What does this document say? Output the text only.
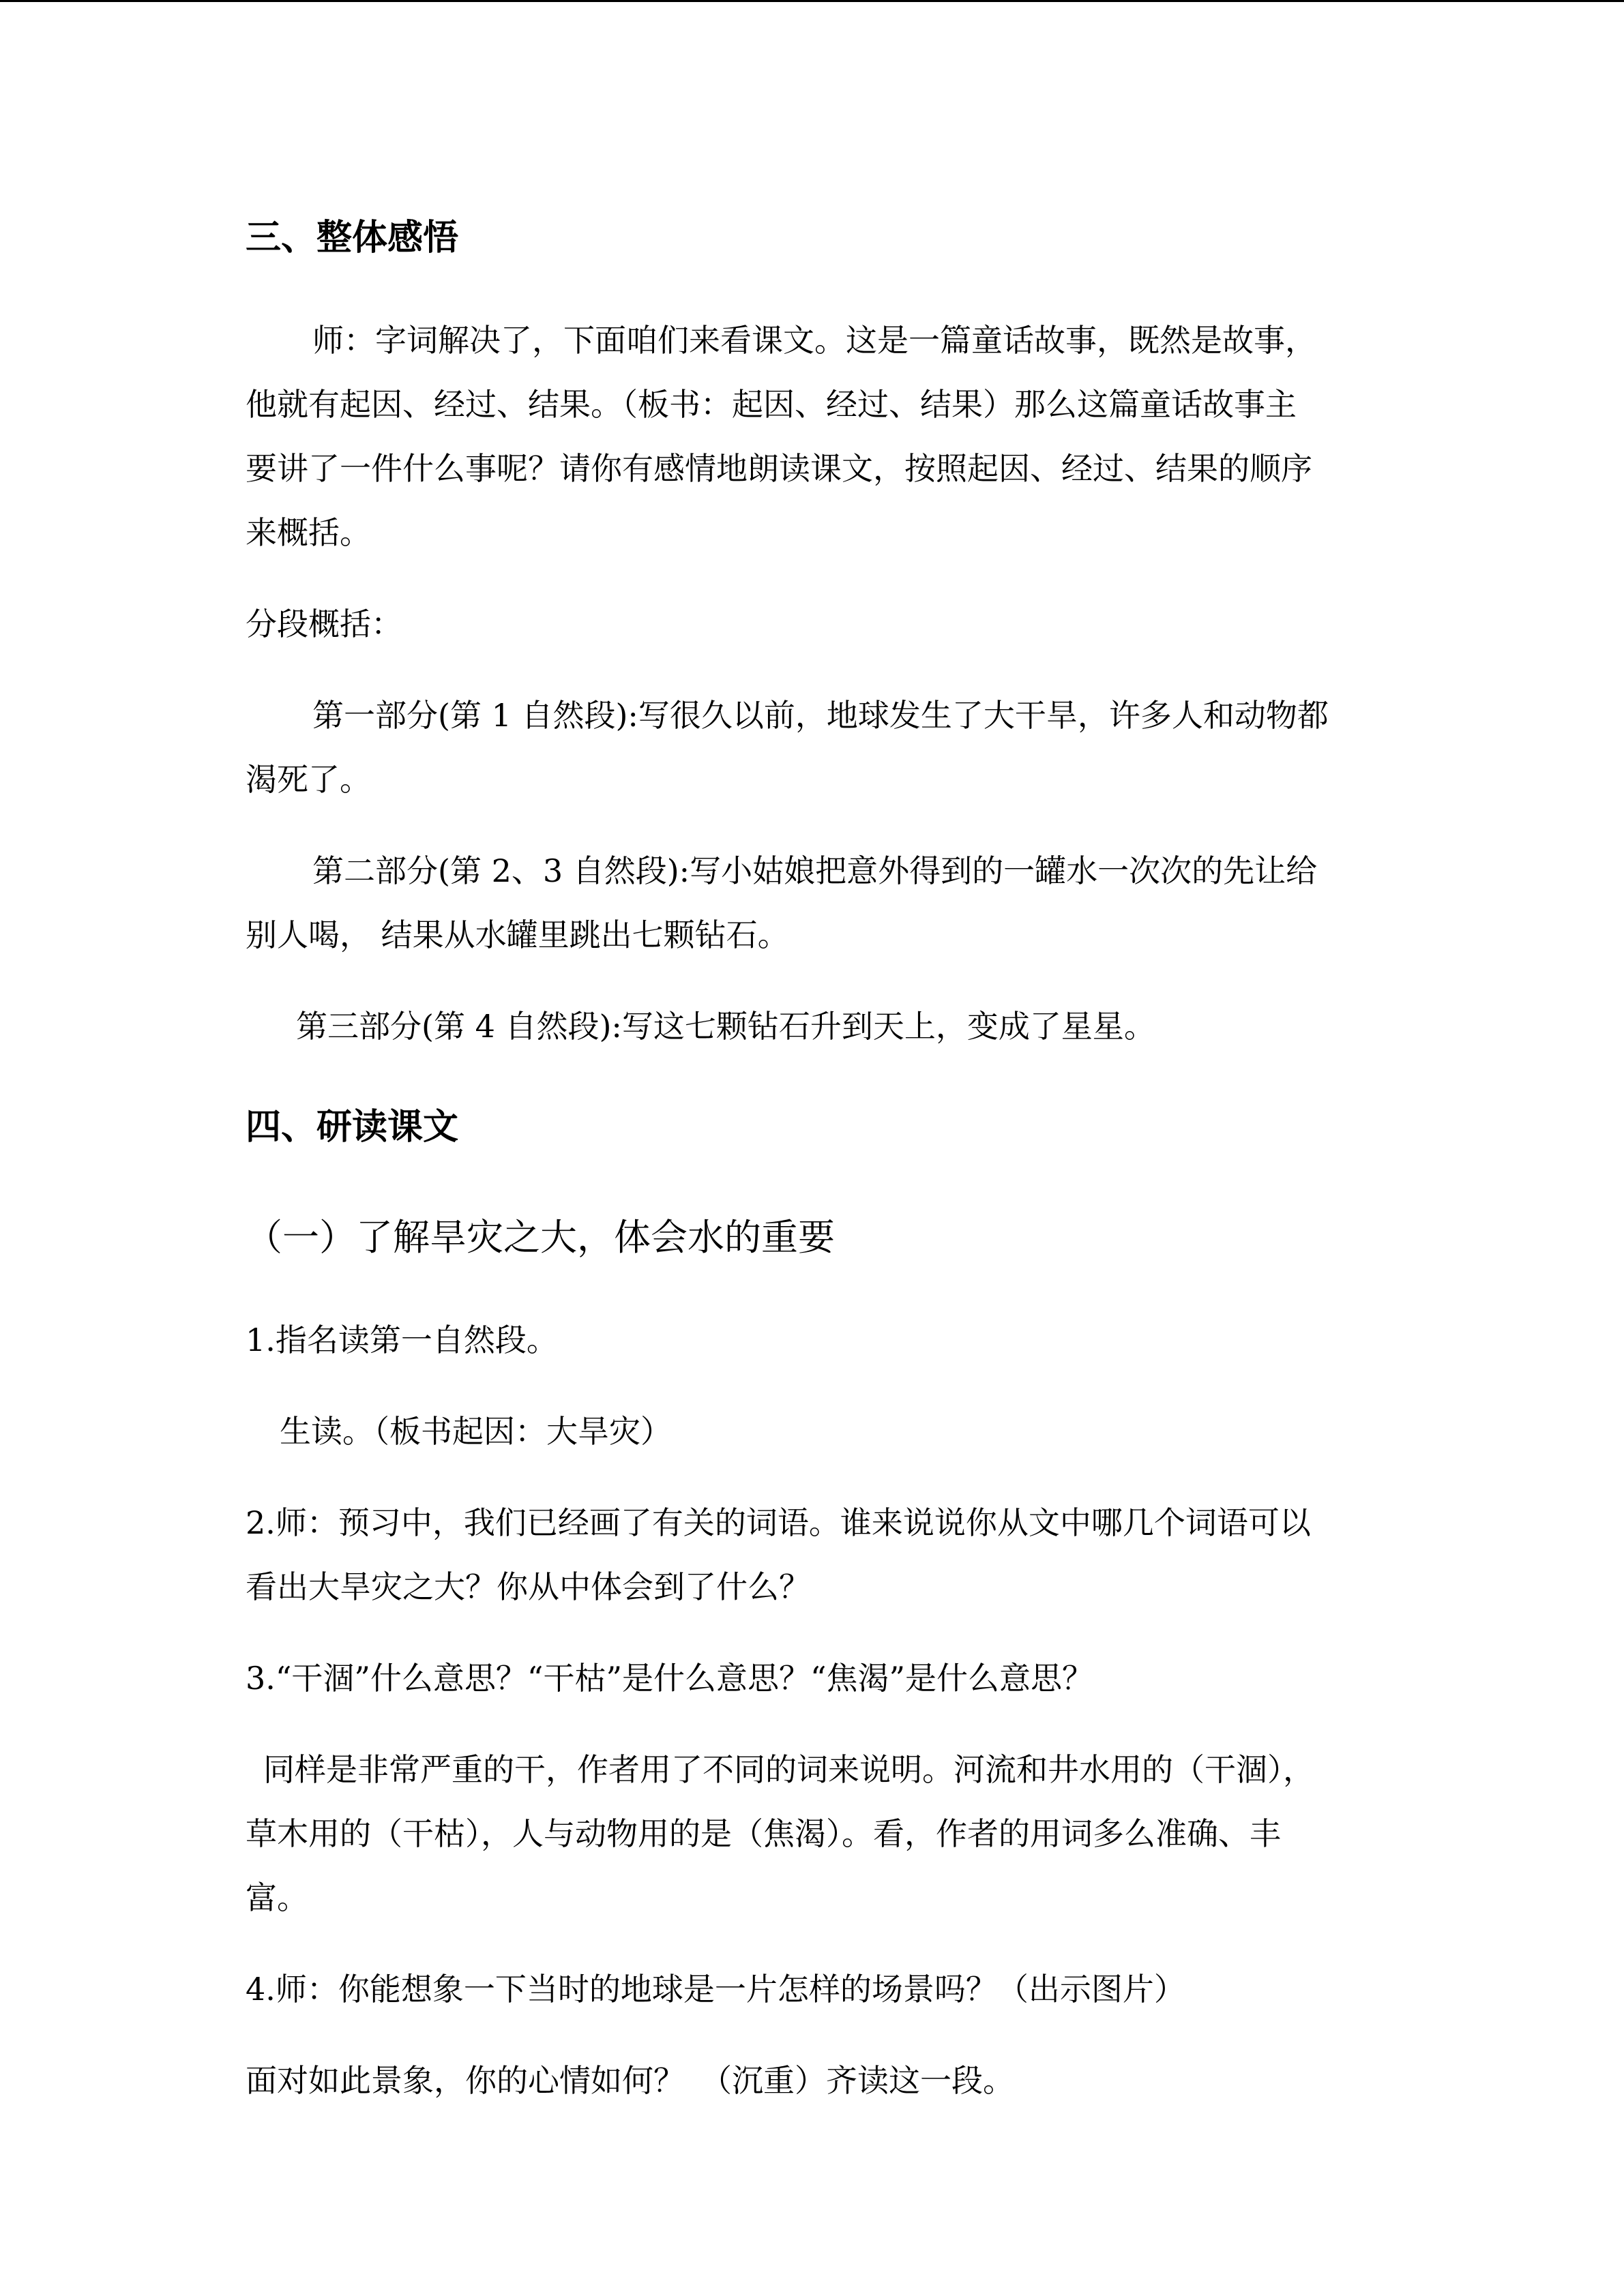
三、整体感悟
师：字词解决了，下面咱们来看课文。这是一篇童话故事，既然是故事，
他就有起因、经过、结果。（板书：起因、经过、结果）那么这篇童话故事主
要讲了一件什么事呢？请你有感情地朗读课文，按照起因、经过、结果的顺序
来概括。
分段概括：
第一部分(第 1 自然段):写很久以前，地球发生了大干旱，许多人和动物都
渴死了。
第二部分(第 2、3 自然段):写小姑娘把意外得到的一罐水一次次的先让给
别人喝， 结果从水罐里跳出七颗钻石。
第三部分(第 4 自然段):写这七颗钻石升到天上，变成了星星。
四、研读课文
（一）了解旱灾之大，体会水的重要
1.指名读第一自然段。
生读。（板书起因：大旱灾）
2.师：预习中，我们已经画了有关的词语。谁来说说你从文中哪几个词语可以
看出大旱灾之大？你从中体会到了什么？
3.“干涸”什么意思？“干枯”是什么意思？“焦渴”是什么意思？
同样是非常严重的干，作者用了不同的词来说明。河流和井水用的（干涸），
草木用的（干枯），人与动物用的是（焦渴）。看，作者的用词多么准确、丰
富。
4.师：你能想象一下当时的地球是一片怎样的场景吗？（出示图片）
面对如此景象，你的心情如何？　（沉重）齐读这一段。
